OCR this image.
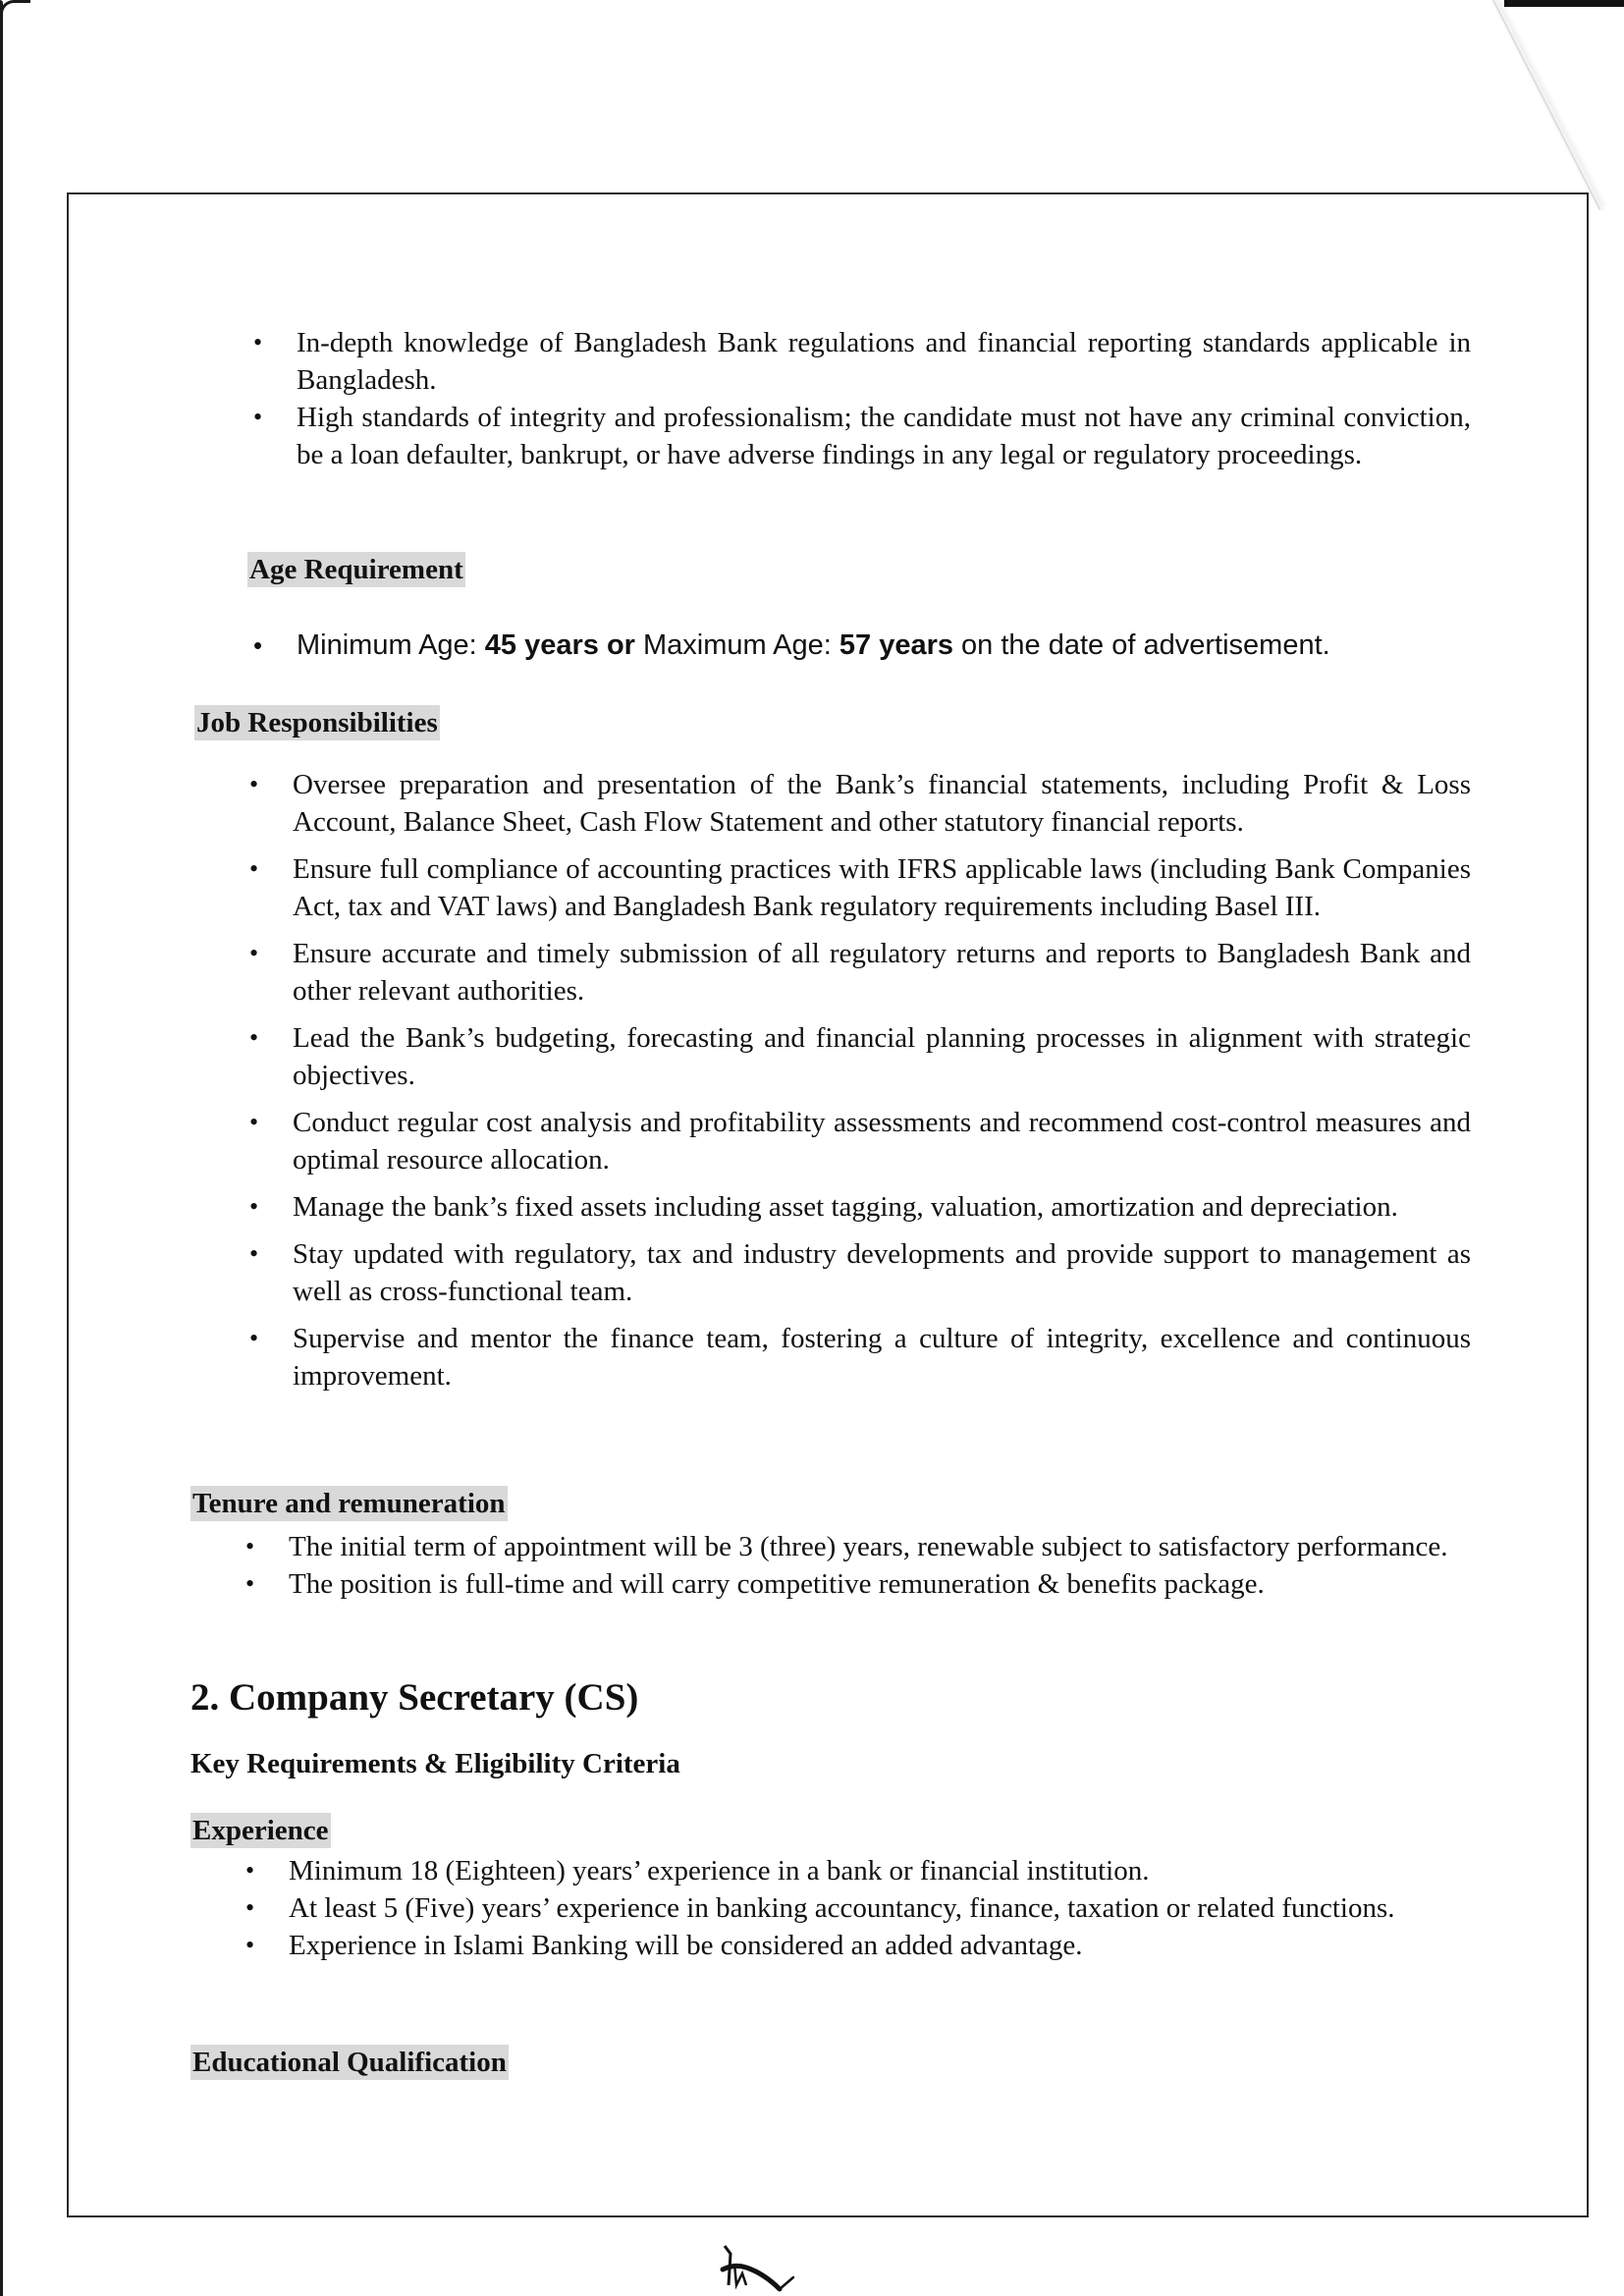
• In-depth knowledge of Bangladesh Bank regulations and financial reporting standards applicable in Bangladesh.
• High standards of integrity and professionalism; the candidate must not have any criminal conviction, be a loan defaulter, bankrupt, or have adverse findings in any legal or regulatory proceedings.
Age Requirement
• Minimum Age: 45 years or Maximum Age: 57 years on the date of advertisement.
Job Responsibilities
• Oversee preparation and presentation of the Bank’s financial statements, including Profit & Loss Account, Balance Sheet, Cash Flow Statement and other statutory financial reports.
• Ensure full compliance of accounting practices with IFRS applicable laws (including Bank Companies Act, tax and VAT laws) and Bangladesh Bank regulatory requirements including Basel III.
• Ensure accurate and timely submission of all regulatory returns and reports to Bangladesh Bank and other relevant authorities.
• Lead the Bank’s budgeting, forecasting and financial planning processes in alignment with strategic objectives.
• Conduct regular cost analysis and profitability assessments and recommend cost-control measures and optimal resource allocation.
• Manage the bank’s fixed assets including asset tagging, valuation, amortization and depreciation.
• Stay updated with regulatory, tax and industry developments and provide support to management as well as cross-functional team.
• Supervise and mentor the finance team, fostering a culture of integrity, excellence and continuous improvement.
Tenure and remuneration
• The initial term of appointment will be 3 (three) years, renewable subject to satisfactory performance.
• The position is full-time and will carry competitive remuneration & benefits package.
2. Company Secretary (CS)
Key Requirements & Eligibility Criteria
Experience
• Minimum 18 (Eighteen) years’ experience in a bank or financial institution.
• At least 5 (Five) years’ experience in banking accountancy, finance, taxation or related functions.
• Experience in Islami Banking will be considered an added advantage.
Educational Qualification
